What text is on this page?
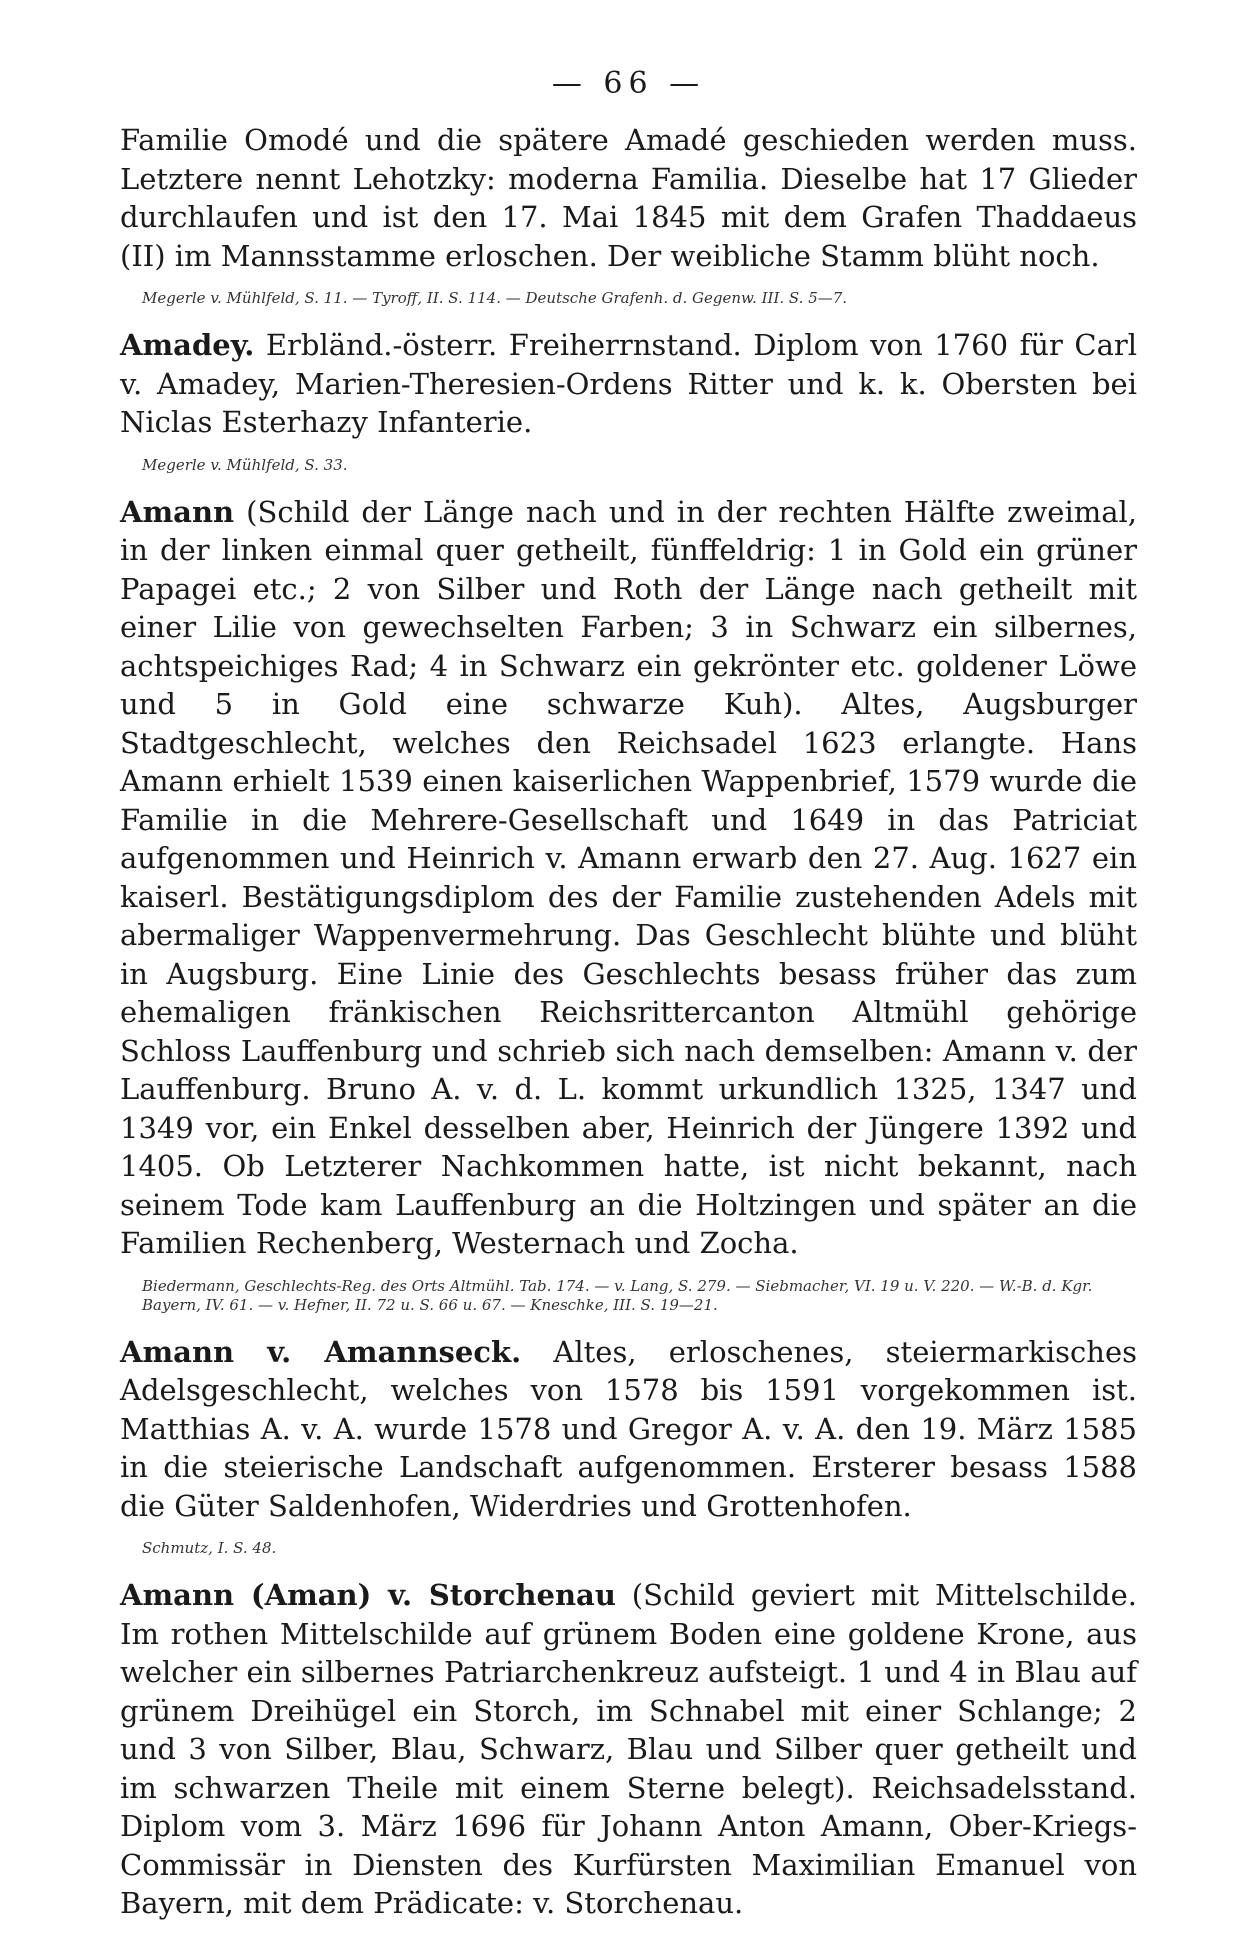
— 66 —

Familie Omodé und die spätere Amadé geschieden werden muss. Letztere nennt Lehotzky: moderna Familia. Dieselbe hat 17 Glieder durchlaufen und ist den 17. Mai 1845 mit dem Grafen Thaddaeus (II) im Mannsstamme erloschen. Der weibliche Stamm blüht noch.

Megerle v. Mühlfeld, S. 11. — Tyroff, II. S. 114. — Deutsche Grafenh. d. Gegenw. III. S. 5—7.

Amadey. Erbländ.-österr. Freiherrnstand. Diplom von 1760 für Carl v. Amadey, Marien-Theresien-Ordens Ritter und k. k. Obersten bei Niclas Esterhazy Infanterie.

Megerle v. Mühlfeld, S. 33.

Amann (Schild der Länge nach und in der rechten Hälfte zweimal, in der linken einmal quer getheilt, fünffeldrig: 1 in Gold ein grüner Papagei etc.; 2 von Silber und Roth der Länge nach getheilt mit einer Lilie von gewechselten Farben; 3 in Schwarz ein silbernes, achtspeichiges Rad; 4 in Schwarz ein gekrönter etc. goldener Löwe und 5 in Gold eine schwarze Kuh). Altes, Augsburger Stadtgeschlecht, welches den Reichsadel 1623 erlangte. Hans Amann erhielt 1539 einen kaiserlichen Wappenbrief, 1579 wurde die Familie in die Mehrere-Gesellschaft und 1649 in das Patriciat aufgenommen und Heinrich v. Amann erwarb den 27. Aug. 1627 ein kaiserl. Bestätigungsdiplom des der Familie zustehenden Adels mit abermaliger Wappenvermehrung. Das Geschlecht blühte und blüht in Augsburg. Eine Linie des Geschlechts besass früher das zum ehemaligen fränkischen Reichsrittercanton Altmühl gehörige Schloss Lauffenburg und schrieb sich nach demselben: Amann v. der Lauffenburg. Bruno A. v. d. L. kommt urkundlich 1325, 1347 und 1349 vor, ein Enkel desselben aber, Heinrich der Jüngere 1392 und 1405. Ob Letzterer Nachkommen hatte, ist nicht bekannt, nach seinem Tode kam Lauffenburg an die Holtzingen und später an die Familien Rechenberg, Westernach und Zocha.

Biedermann, Geschlechts-Reg. des Orts Altmühl. Tab. 174. — v. Lang, S. 279. — Siebmacher, VI. 19 u. V. 220. — W.-B. d. Kgr. Bayern, IV. 61. — v. Hefner, II. 72 u. S. 66 u. 67. — Kneschke, III. S. 19—21.

Amann v. Amannseck. Altes, erloschenes, steiermarkisches Adelsgeschlecht, welches von 1578 bis 1591 vorgekommen ist. Matthias A. v. A. wurde 1578 und Gregor A. v. A. den 19. März 1585 in die steierische Landschaft aufgenommen. Ersterer besass 1588 die Güter Saldenhofen, Widerdries und Grottenhofen.

Schmutz, I. S. 48.

Amann (Aman) v. Storchenau (Schild geviert mit Mittelschilde. Im rothen Mittelschilde auf grünem Boden eine goldene Krone, aus welcher ein silbernes Patriarchenkreuz aufsteigt. 1 und 4 in Blau auf grünem Dreihügel ein Storch, im Schnabel mit einer Schlange; 2 und 3 von Silber, Blau, Schwarz, Blau und Silber quer getheilt und im schwarzen Theile mit einem Sterne belegt). Reichsadelsstand. Diplom vom 3. März 1696 für Johann Anton Amann, Ober-Kriegs-Commissär in Diensten des Kurfürsten Maximilian Emanuel von Bayern, mit dem Prädicate: v. Storchenau.
